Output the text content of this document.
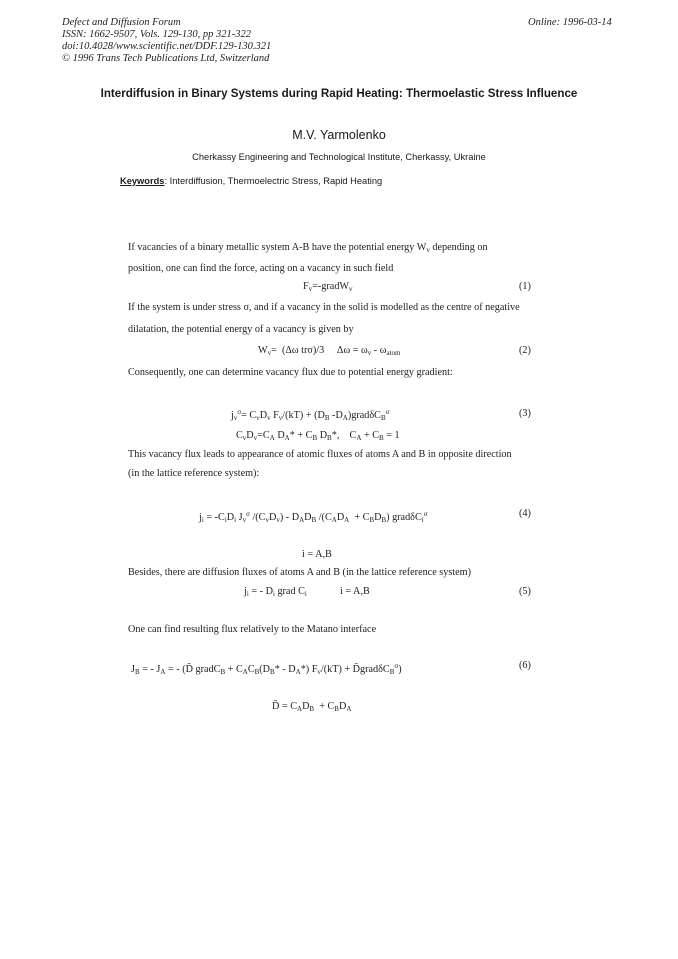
Defect and Diffusion Forum
ISSN: 1662-9507, Vols. 129-130, pp 321-322
doi:10.4028/www.scientific.net/DDF.129-130.321
© 1996 Trans Tech Publications Ltd, Switzerland
Online: 1996-03-14
Interdiffusion in Binary Systems during Rapid Heating: Thermoelastic Stress Influence
M.V. Yarmolenko
Cherkassy Engineering and Technological Institute, Cherkassy, Ukraine
Keywords: Interdiffusion, Thermoelectric Stress, Rapid Heating
If vacancies of a binary metallic system A-B have the potential energy $W_v$ depending on
position, one can find the force, acting on a vacancy in such field
$F_v=-gradW_v$	(1)
If the system is under stress σ, and if a vacancy in the solid is modelled as the centre of negative
dilatation, the potential energy of a vacancy is given by
$W_v= (\Delta\omega$ trσ)/3     $\Delta\omega = \omega_v - \omega_{atom}$	(2)
Consequently, one can determine vacancy flux due to potential energy gradient:
$j_v^\sigma= C_vD_v$ $F_v/(kT) + (D_B$ $-D_A)grad\delta C_B^\sigma$	(3)
$C_vD_v=C_A$ $D_A* + C_B$ $D_B*$,    $C_A + C_B = 1$
This vacancy flux leads to appearance of atomic fluxes of atoms A and B in opposite direction
(in the lattice reference system):
$j_i = -C_iD_i$ $J_v^\sigma$ $/(C_vD_v) - D_AD_B$ $/(C_AD_A + C_BD_B)$ gradδC$_i^\sigma$	(4)
i = A,B
Besides, there are diffusion fluxes of atoms A and B (in the lattice reference system)
$j_i$ = - $D_i$ grad $C_i$	i = A,B	(5)
One can find resulting flux relatively to the Matano interface
$J_B$ = - $J_A$ = - (D̃ gradC$_B$ + $C_AC_B(D_B* - D_A*) F_v/(kT)$ + D̃gradδC$_B^\sigma$)	(6)
D̃ = $C_AD_B + C_BD_A$
